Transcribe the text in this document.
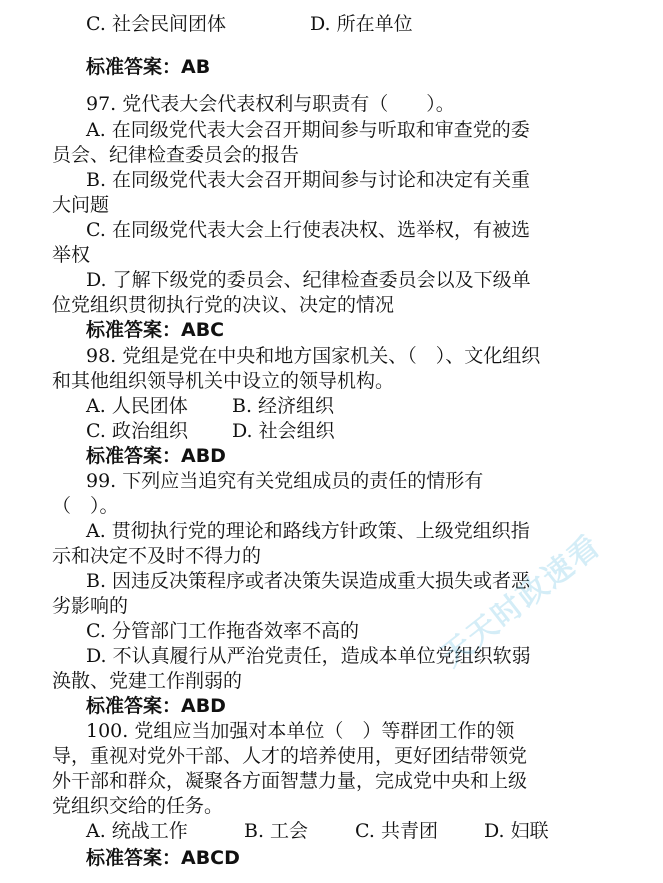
C. 社会民间团体	D. 所在单位
标准答案：AB
97. 党代表大会代表权利与职责有（　　）。
A. 在同级党代表大会召开期间参与听取和审查党的委
员会、纪律检查委员会的报告
B. 在同级党代表大会召开期间参与讨论和决定有关重
大问题
C. 在同级党代表大会上行使表决权、选举权，有被选
举权
D. 了解下级党的委员会、纪律检查委员会以及下级单
位党组织贯彻执行党的决议、决定的情况
标准答案：ABC
98. 党组是党在中央和地方国家机关、（　）、文化组织
和其他组织领导机关中设立的领导机构。
A. 人民团体 B. 经济组织
C. 政治组织 D. 社会组织
标准答案：ABD
99. 下列应当追究有关党组成员的责任的情形有
（　）。
A. 贯彻执行党的理论和路线方针政策、上级党组织指
示和决定不及时不得力的
B. 因违反决策程序或者决策失误造成重大损失或者恶
劣影响的
C. 分管部门工作拖沓效率不高的
D. 不认真履行从严治党责任，造成本单位党组织软弱
涣散、党建工作削弱的
标准答案：ABD
100. 党组应当加强对本单位（　）等群团工作的领
导，重视对党外干部、人才的培养使用，更好团结带领党
外干部和群众，凝聚各方面智慧力量，完成党中央和上级
党组织交给的任务。
A. 统战工作	B. 工会 C. 共青团 D. 妇联
标准答案：ABCD
天天时政速看
